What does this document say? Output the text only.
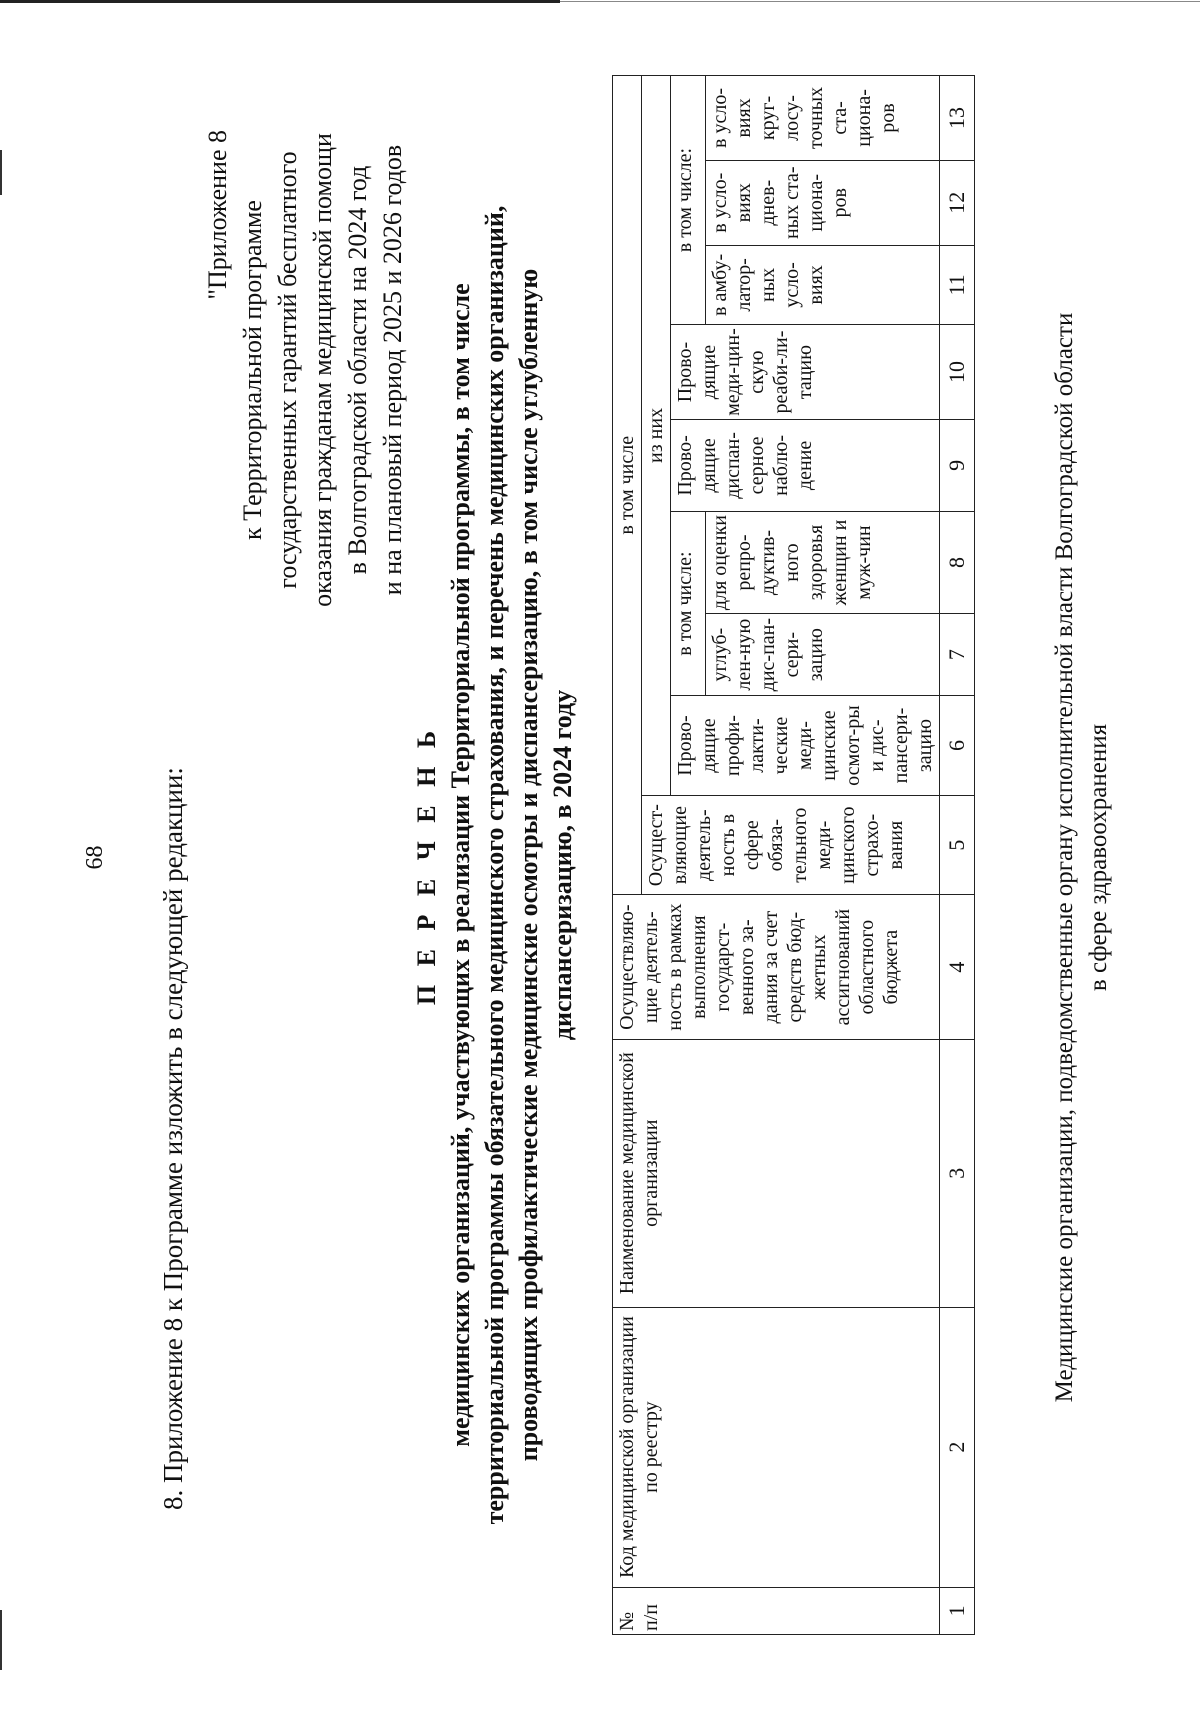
68 8. Приложение 8 к Программе изложить в следующей редакции:
"Приложение 8 к Территориальной программе государственных гарантий бесплатного оказания гражданам медицинской помощи в Волгоградской области на 2024 год и на плановый период 2025 и 2026 годов
П Е Р Е Ч Е Н Ь медицинских организаций, участвующих в реализации Территориальной программы, в том числе территориальной программы обязательного медицинского страхования, и перечень медицинских организаций, проводящих профилактические медицинские осмотры и диспансеризацию, в том числе углубленную диспансеризацию, в 2024 году
№ п/п	Код медицинской организации по реестру	Наименование медицинской организации	Осуществляю-щие деятель-ность в рамках выполнения государст-венного за-дания за счет средств бюд-жетных ассигнований областного бюджета	в том числе								
				Осущест-вляющие деятель-ность в сфере обяза-тельного меди-цинского страхо-вания	из них							
					Прово-дящие профи-лакти-ческие меди-цинские осмот-ры и дис-пансери-зацию	в том числе:		Прово-дящие диспан-серное наблю-дение	Прово-дящие меди-цин-скую реаби-ли-тацию	в том числе:		
						углуб-лен-ную дис-пан-сери-зацию	для оценки репро-дуктив-ного здоровья женщин и муж-чин			в амбу-латор-ных усло-виях	в усло-виях днев-ных ста-циона-ров	в усло-виях круг-лосу-точных ста-циона-ров
1	2	3	4	5	6	7	8	9	10	11	12	13
Медицинские организации, подведомственные органу исполнительной власти Волгоградской области в сфере здравоохранения
